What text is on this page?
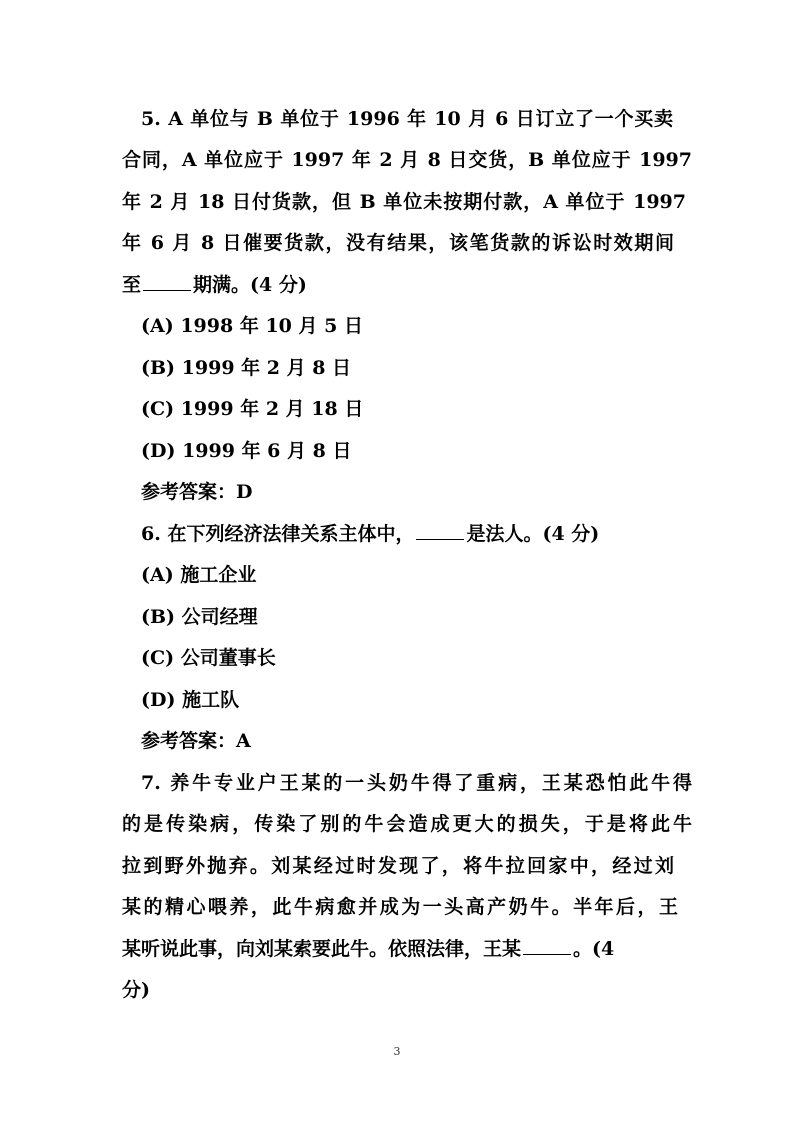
5. A 单位与 B 单位于 1996 年 10 月 6 日订立了一个买卖
合同，A 单位应于 1997 年 2 月 8 日交货，B 单位应于 1997
年 2 月 18 日付货款，但 B 单位未按期付款，A 单位于 1997
年 6 月 8 日催要货款，没有结果，该笔货款的诉讼时效期间
至	期满。(4 分)
(A) 1998 年 10 月 5 日
(B) 1999 年 2 月 8 日
(C) 1999 年 2 月 18 日
(D) 1999 年 6 月 8 日
参考答案：D
6. 在下列经济法律关系主体中，	是法人。(4 分)
(A) 施工企业
(B) 公司经理
(C) 公司董事长
(D) 施工队
参考答案：A
7. 养牛专业户王某的一头奶牛得了重病，王某恐怕此牛得
的是传染病，传染了别的牛会造成更大的损失，于是将此牛
拉到野外抛弃。刘某经过时发现了，将牛拉回家中，经过刘
某的精心喂养，此牛病愈并成为一头高产奶牛。半年后，王
某听说此事，向刘某索要此牛。依照法律，王某	。(4
分)
3
